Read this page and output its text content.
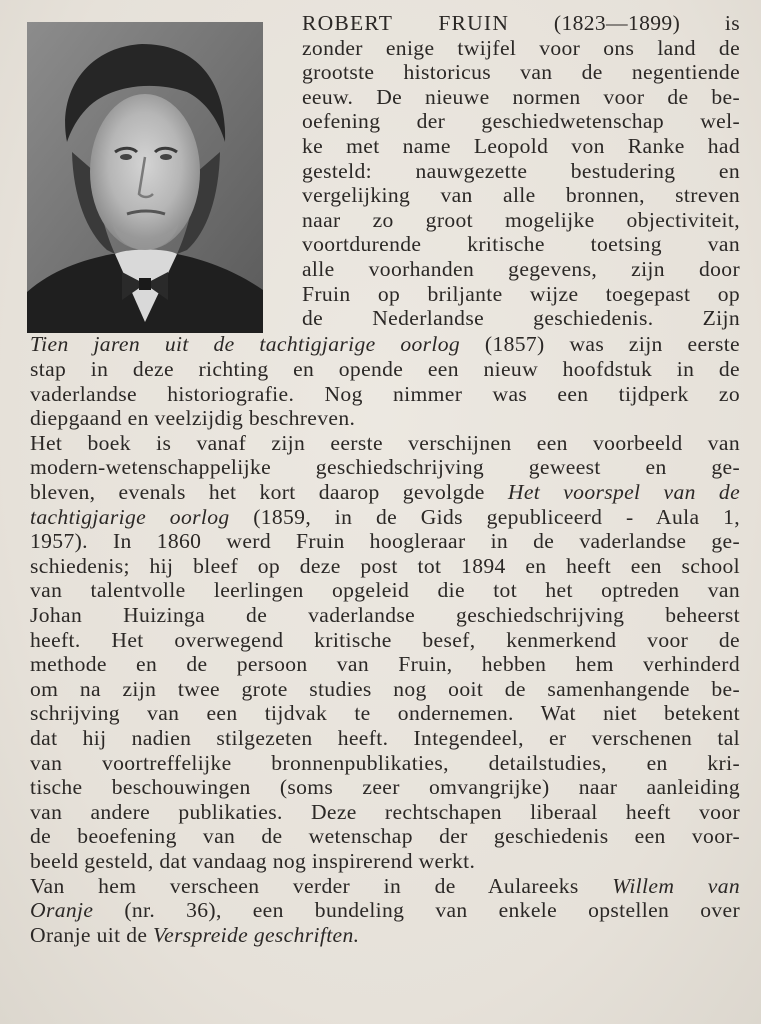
ROBERT FRUIN (1823—1899) is
zonder enige twijfel voor ons land de
grootste historicus van de negentiende
eeuw. De nieuwe normen voor de be-
oefening der geschiedwetenschap wel-
ke met name Leopold von Ranke had
gesteld: nauwgezette bestudering en
vergelijking van alle bronnen, streven
naar zo groot mogelijke objectiviteit,
voortdurende kritische toetsing van
alle voorhanden gegevens, zijn door
Fruin op briljante wijze toegepast op
de Nederlandse geschiedenis. Zijn
Tien jaren uit de tachtigjarige oorlog (1857) was zijn eerste
stap in deze richting en opende een nieuw hoofdstuk in de
vaderlandse historiografie. Nog nimmer was een tijdperk zo
diepgaand en veelzijdig beschreven.
Het boek is vanaf zijn eerste verschijnen een voorbeeld van
modern-wetenschappelijke geschiedschrijving geweest en ge-
bleven, evenals het kort daarop gevolgde Het voorspel van de
tachtigjarige oorlog (1859, in de Gids gepubliceerd - Aula 1,
1957). In 1860 werd Fruin hoogleraar in de vaderlandse ge-
schiedenis; hij bleef op deze post tot 1894 en heeft een school
van talentvolle leerlingen opgeleid die tot het optreden van
Johan Huizinga de vaderlandse geschiedschrijving beheerst
heeft. Het overwegend kritische besef, kenmerkend voor de
methode en de persoon van Fruin, hebben hem verhinderd
om na zijn twee grote studies nog ooit de samenhangende be-
schrijving van een tijdvak te ondernemen. Wat niet betekent
dat hij nadien stilgezeten heeft. Integendeel, er verschenen tal
van voortreffelijke bronnenpublikaties, detailstudies, en kri-
tische beschouwingen (soms zeer omvangrijke) naar aanleiding
van andere publikaties. Deze rechtschapen liberaal heeft voor
de beoefening van de wetenschap der geschiedenis een voor-
beeld gesteld, dat vandaag nog inspirerend werkt.
Van hem verscheen verder in de Aulareeks Willem van
Oranje (nr. 36), een bundeling van enkele opstellen over
Oranje uit de Verspreide geschriften.
